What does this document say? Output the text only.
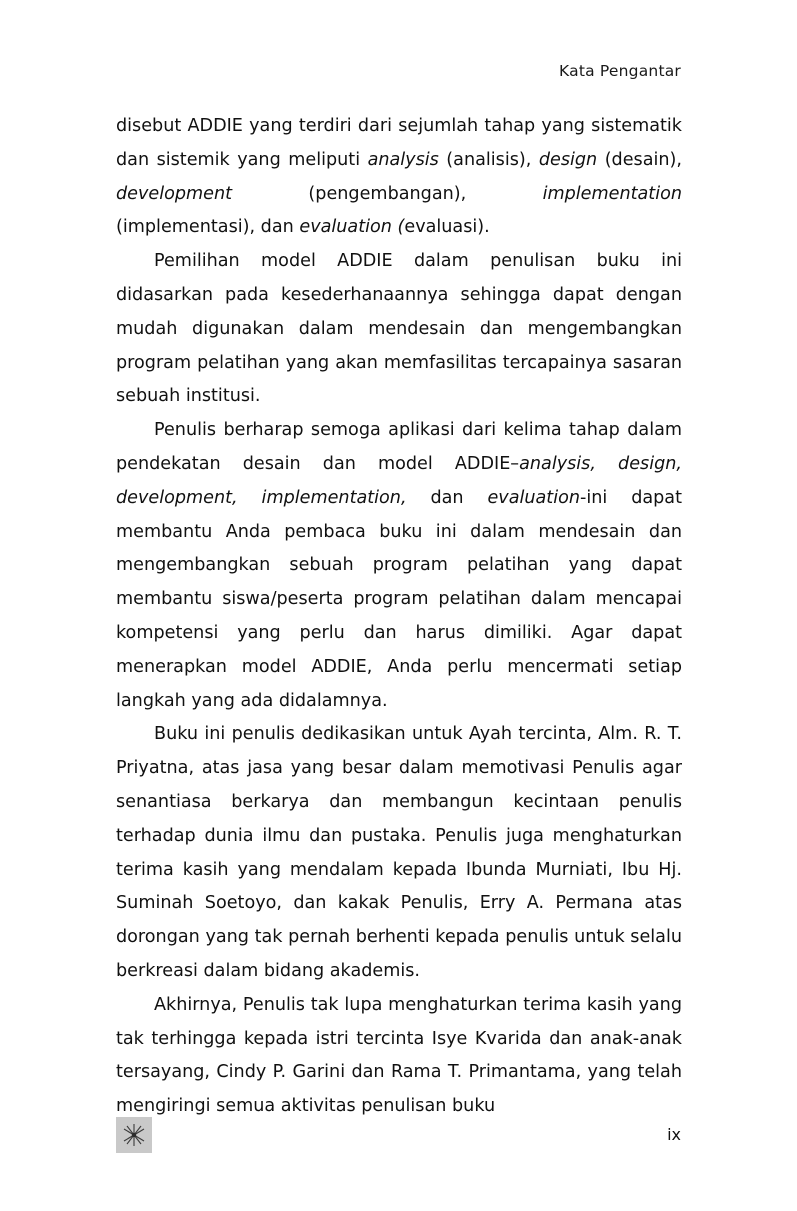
Kata Pengantar

disebut ADDIE yang terdiri dari sejumlah tahap yang sistematik dan sistemik yang meliputi analysis (analisis), design (desain), development (pengembangan), implementation (implementasi), dan evaluation (evaluasi).

Pemilihan model ADDIE dalam penulisan buku ini didasarkan pada kesederhanaannya sehingga dapat dengan mudah digunakan dalam mendesain dan mengembangkan program pelatihan yang akan memfasilitas tercapainya sasaran sebuah institusi.

Penulis berharap semoga aplikasi dari kelima tahap dalam pendekatan desain dan model ADDIE–analysis, design, development, implementation, dan evaluation-ini dapat membantu Anda pembaca buku ini dalam mendesain dan mengembangkan sebuah program pelatihan yang dapat membantu siswa/peserta program pelatihan dalam mencapai kompetensi yang perlu dan harus dimiliki. Agar dapat menerapkan model ADDIE, Anda perlu mencermati setiap langkah yang ada didalamnya.

Buku ini penulis dedikasikan untuk Ayah tercinta, Alm. R. T. Priyatna, atas jasa yang besar dalam memotivasi Penulis agar senantiasa berkarya dan membangun kecintaan penulis terhadap dunia ilmu dan pustaka. Penulis juga menghaturkan terima kasih yang mendalam kepada Ibunda Murniati, Ibu Hj. Suminah Soetoyo, dan kakak Penulis, Erry A. Permana atas dorongan yang tak pernah berhenti kepada penulis untuk selalu berkreasi dalam bidang akademis.

Akhirnya, Penulis tak lupa menghaturkan terima kasih yang tak terhingga kepada istri tercinta Isye Kvarida dan anak-anak tersayang, Cindy P. Garini dan Rama T. Primantama, yang telah mengiringi semua aktivitas penulisan buku

ix
